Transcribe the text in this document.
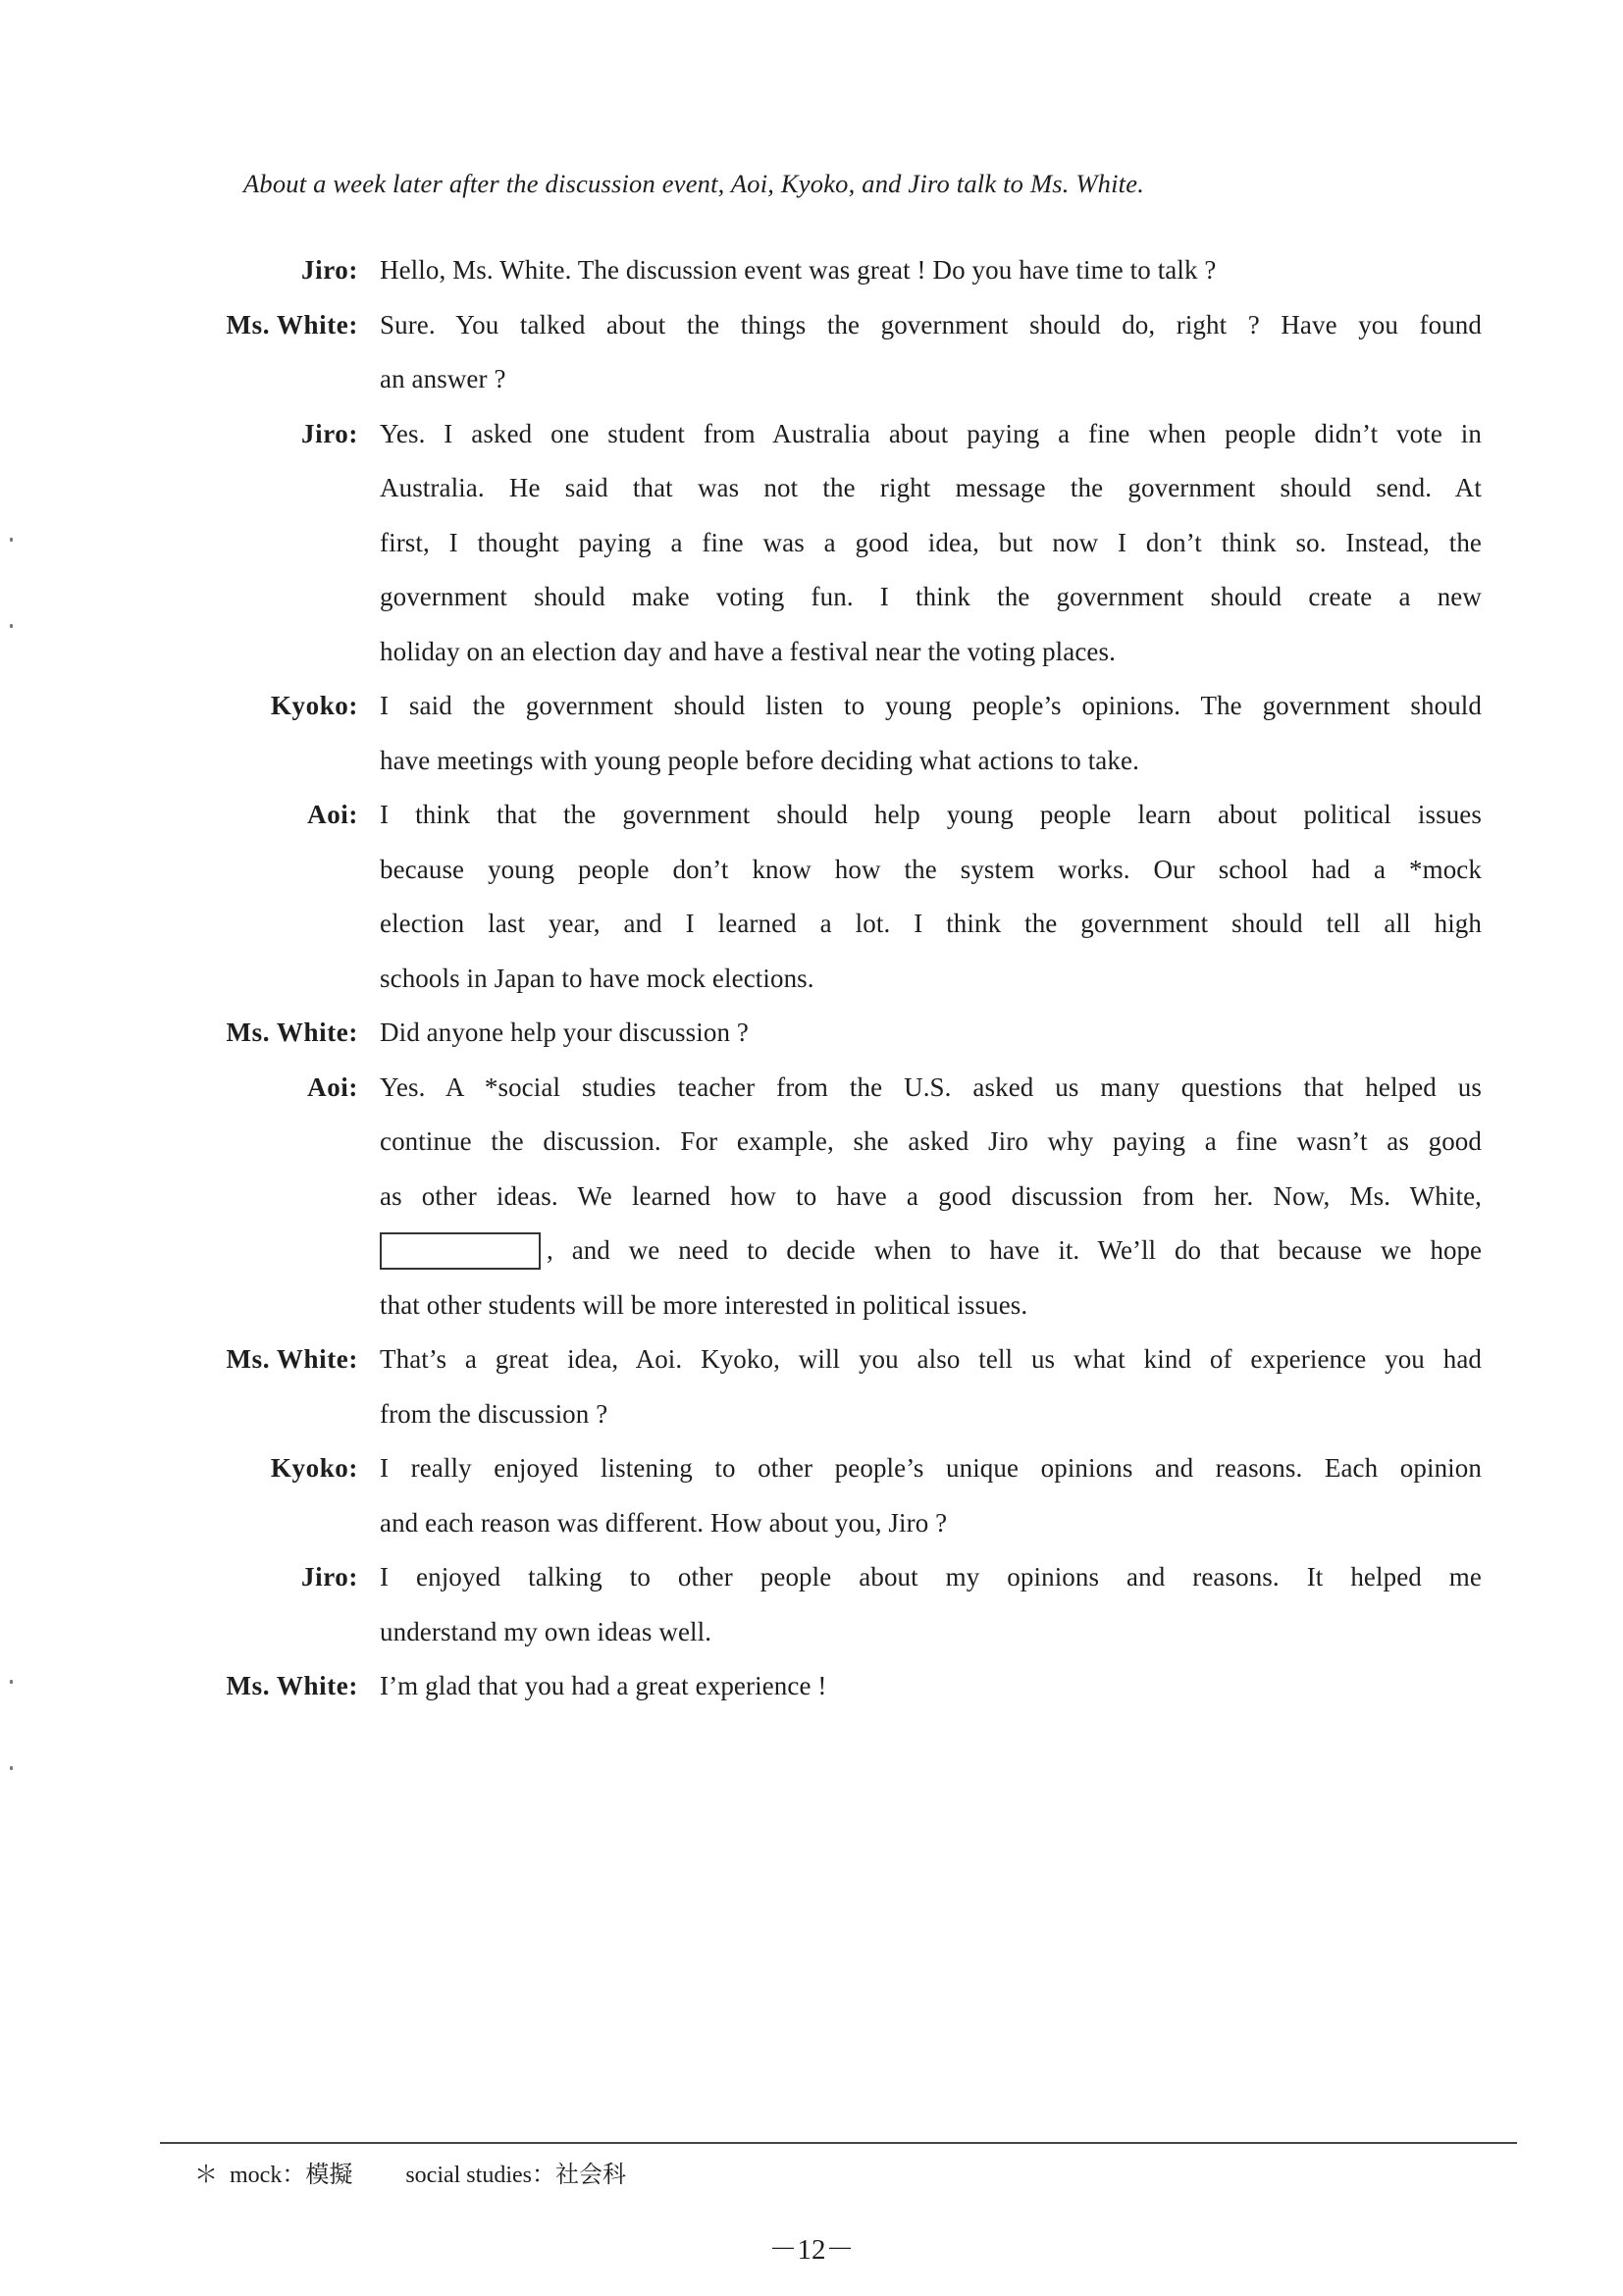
About a week later after the discussion event, Aoi, Kyoko, and Jiro talk to Ms. White.
Jiro: Hello, Ms. White. The discussion event was great ! Do you have time to talk ?
Ms. White: Sure. You talked about the things the government should do, right ? Have you found
an answer ?
Jiro: Yes. I asked one student from Australia about paying a fine when people didn’t vote in
Australia. He said that was not the right message the government should send. At
first, I thought paying a fine was a good idea, but now I don’t think so. Instead, the
government should make voting fun. I think the government should create a new
holiday on an election day and have a festival near the voting places.
Kyoko: I said the government should listen to young people’s opinions. The government should
have meetings with young people before deciding what actions to take.
Aoi: I think that the government should help young people learn about political issues
because young people don’t know how the system works. Our school had a *mock
election last year, and I learned a lot. I think the government should tell all high
schools in Japan to have mock elections.
Ms. White: Did anyone help your discussion ?
Aoi: Yes. A *social studies teacher from the U.S. asked us many questions that helped us
continue the discussion. For example, she asked Jiro why paying a fine wasn’t as good
as other ideas. We learned how to have a good discussion from her. Now, Ms. White,
, and we need to decide when to have it. We’ll do that because we hope
that other students will be more interested in political issues.
Ms. White: That’s a great idea, Aoi. Kyoko, will you also tell us what kind of experience you had
from the discussion ?
Kyoko: I really enjoyed listening to other people’s unique opinions and reasons. Each opinion
and each reason was different. How about you, Jiro ?
Jiro: I enjoyed talking to other people about my opinions and reasons. It helped me
understand my own ideas well.
Ms. White: I’m glad that you had a great experience !
＊ mock：模擬 social studies：社会科
－12－
